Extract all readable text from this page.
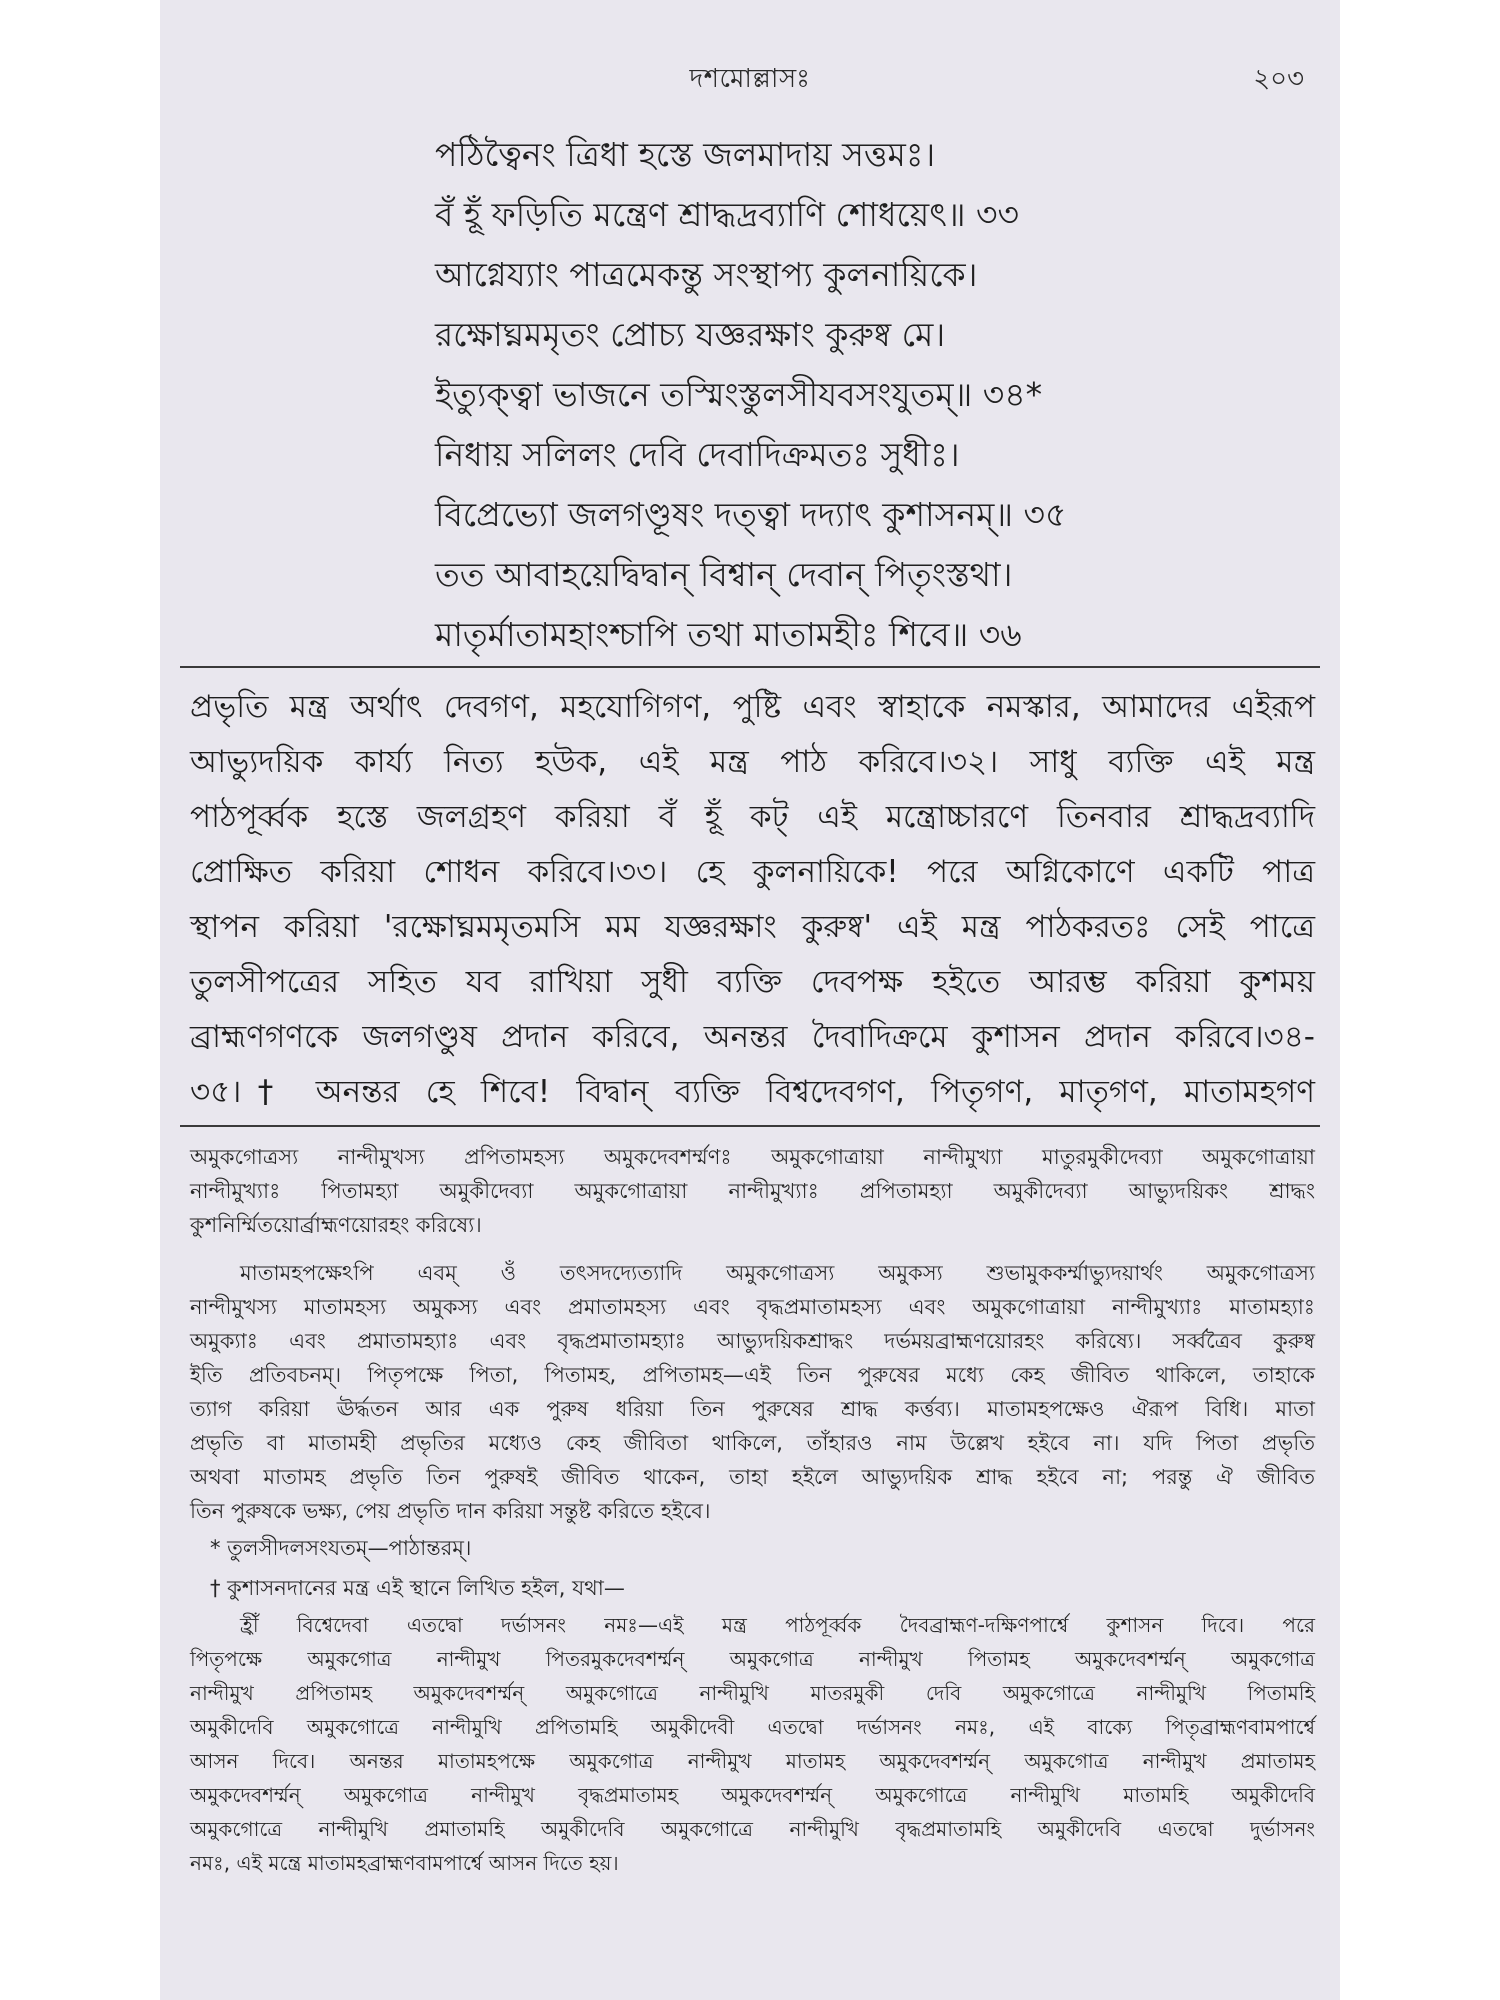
দশমোল্লাসঃ	২০৩
পঠিত্বৈনং ত্রিধা হস্তে জলমাদায় সত্তমঃ।
বঁ হূঁ ফড়িতি মন্ত্রেণ শ্রাদ্ধদ্রব্যাণি শোধয়েৎ॥ ৩৩
আগ্নেয্যাং পাত্রমেকন্তু সংস্থাপ্য কুলনায়িকে।
রক্ষোঘ্নমমৃতং প্রোচ্য যজ্ঞরক্ষাং কুরুষ্ব মে।
ইত্যুক্ত্বা ভাজনে তস্মিংস্তুলসীযবসংযুতম্॥ ৩৪*
নিধায় সলিলং দেবি দেবাদিক্রমতঃ সুধীঃ।
বিপ্রেভ্যো জলগণ্ডূষং দত্ত্বা দদ্যাৎ কুশাসনম্॥ ৩৫
তত আবাহয়েদ্বিদ্বান্ বিশ্বান্ দেবান্ পিতৃংস্তথা।
মাতৃর্মাতামহাংশ্চাপি তথা মাতামহীঃ শিবে॥ ৩৬
প্রভৃতি মন্ত্র অর্থাৎ দেবগণ, মহযোগিগণ, পুষ্টি এবং স্বাহাকে নমস্কার, আমাদের এইরূপ
আভ্যুদয়িক কার্য্য নিত্য হউক, এই মন্ত্র পাঠ করিবে।৩২। সাধু ব্যক্তি এই মন্ত্র
পাঠপূর্ব্বক হস্তে জলগ্রহণ করিয়া বঁ হূঁ কট্ এই মন্ত্রোচ্চারণে তিনবার শ্রাদ্ধদ্রব্যাদি
প্রোক্ষিত করিয়া শোধন করিবে।৩৩। হে কুলনায়িকে! পরে অগ্নিকোণে একটি পাত্র
স্থাপন করিয়া 'রক্ষোঘ্নমমৃতমসি মম যজ্ঞরক্ষাং কুরুষ্ব' এই মন্ত্র পাঠকরতঃ সেই পাত্রে
তুলসীপত্রের সহিত যব রাখিয়া সুধী ব্যক্তি দেবপক্ষ হইতে আরম্ভ করিয়া কুশময়
ব্রাহ্মণগণকে জলগণ্ডুষ প্রদান করিবে, অনন্তর দৈবাদিক্রমে কুশাসন প্রদান করিবে।৩৪-
৩৫।† অনন্তর হে শিবে! বিদ্বান্ ব্যক্তি বিশ্বদেবগণ, পিতৃগণ, মাতৃগণ, মাতামহগণ
অমুকগোত্রস্য নান্দীমুখস্য প্রপিতামহস্য অমুকদেবশর্ম্মণঃ অমুকগোত্রায়া নান্দীমুখ্যা মাতুরমুকীদেব্যা অমুকগোত্রায়া
নান্দীমুখ্যাঃ পিতামহ্যা অমুকীদেব্যা অমুকগোত্রায়া নান্দীমুখ্যাঃ প্রপিতামহ্যা অমুকীদেব্যা আভ্যুদয়িকং শ্রাদ্ধং
কুশনির্ম্মিতয়োর্ব্রাহ্মণয়োরহং করিষ্যে।
মাতামহপক্ষেঽপি এবম্ ওঁ তৎসদদ্যেত্যাদি অমুকগোত্রস্য অমুকস্য শুভামুককর্ম্মাভ্যুদয়ার্থং অমুকগোত্রস্য
নান্দীমুখস্য মাতামহস্য অমুকস্য এবং প্রমাতামহস্য এবং বৃদ্ধপ্রমাতামহস্য এবং অমুকগোত্রায়া নান্দীমুখ্যাঃ মাতামহ্যাঃ
অমুক্যাঃ এবং প্রমাতামহ্যাঃ এবং বৃদ্ধপ্রমাতামহ্যাঃ আভ্যুদয়িকশ্রাদ্ধং দর্ভময়ব্রাহ্মণয়োরহং করিষ্যে। সর্ব্বত্রৈব কুরুষ্ব
ইতি প্রতিবচনম্। পিতৃপক্ষে পিতা, পিতামহ, প্রপিতামহ—এই তিন পুরুষের মধ্যে কেহ জীবিত থাকিলে, তাহাকে
ত্যাগ করিয়া ঊর্দ্ধতন আর এক পুরুষ ধরিয়া তিন পুরুষের শ্রাদ্ধ কর্ত্তব্য। মাতামহপক্ষেও ঐরূপ বিধি। মাতা
প্রভৃতি বা মাতামহী প্রভৃতির মধ্যেও কেহ জীবিতা থাকিলে, তাঁহারও নাম উল্লেখ হইবে না। যদি পিতা প্রভৃতি
অথবা মাতামহ প্রভৃতি তিন পুরুষই জীবিত থাকেন, তাহা হইলে আভ্যুদয়িক শ্রাদ্ধ হইবে না; পরন্তু ঐ জীবিত
তিন পুরুষকে ভক্ষ্য, পেয় প্রভৃতি দান করিয়া সন্তুষ্ট করিতে হইবে।
* তুলসীদলসংযতম্—পাঠান্তরম্।
† কুশাসনদানের মন্ত্র এই স্থানে লিখিত হইল, যথা—
হ্রীঁ বিশ্বেদেবা এতদ্বো দর্ভাসনং নমঃ—এই মন্ত্র পাঠপূর্ব্বক দৈবব্রাহ্মণ-দক্ষিণপার্শ্বে কুশাসন দিবে। পরে
পিতৃপক্ষে অমুকগোত্র নান্দীমুখ পিতরমুকদেবশর্ম্মন্ অমুকগোত্র নান্দীমুখ পিতামহ অমুকদেবশর্ম্মন্ অমুকগোত্র
নান্দীমুখ প্রপিতামহ অমুকদেবশর্ম্মন্ অমুকগোত্রে নান্দীমুখি মাতরমুকী দেবি অমুকগোত্রে নান্দীমুখি পিতামহি
অমুকীদেবি অমুকগোত্রে নান্দীমুখি প্রপিতামহি অমুকীদেবী এতদ্বো দর্ভাসনং নমঃ, এই বাক্যে পিতৃব্রাহ্মণবামপার্শ্বে
আসন দিবে। অনন্তর মাতামহপক্ষে অমুকগোত্র নান্দীমুখ মাতামহ অমুকদেবশর্ম্মন্ অমুকগোত্র নান্দীমুখ প্রমাতামহ
অমুকদেবশর্ম্মন্ অমুকগোত্র নান্দীমুখ বৃদ্ধপ্রমাতামহ অমুকদেবশর্ম্মন্ অমুকগোত্রে নান্দীমুখি মাতামহি অমুকীদেবি
অমুকগোত্রে নান্দীমুখি প্রমাতামহি অমুকীদেবি অমুকগোত্রে নান্দীমুখি বৃদ্ধপ্রমাতামহি অমুকীদেবি এতদ্বো দুর্ভাসনং
নমঃ, এই মন্ত্রে মাতামহব্রাহ্মণবামপার্শ্বে আসন দিতে হয়।
